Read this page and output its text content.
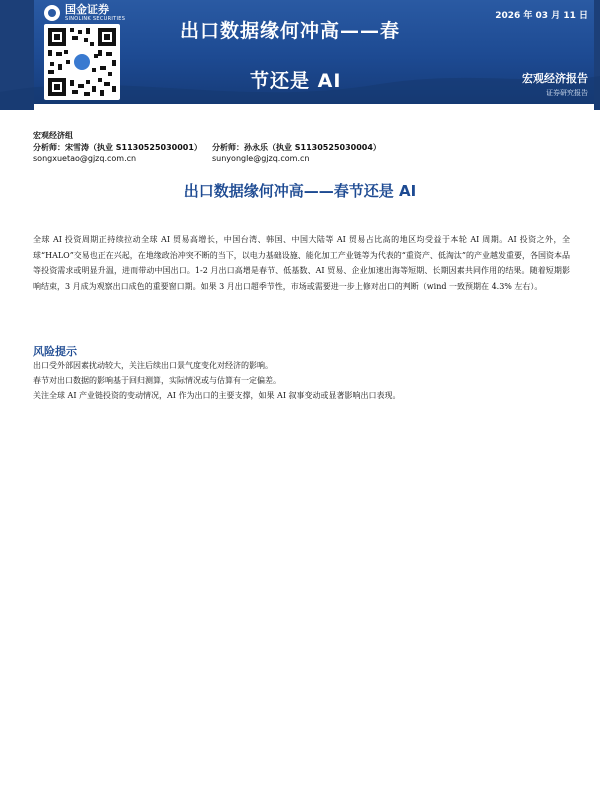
国金证券
SINOLINK SECURITIES	2026 年 03 月 11 日
出口数据缘何冲高——春
节还是 AI	宏观经济报告
证券研究报告
宏观经济组
分析师：宋雪涛（执业 S1130525030001） 分析师：孙永乐（执业 S1130525030004）
songxuetao@gjzq.com.cn	sunyongle@gjzq.com.cn
出口数据缘何冲高——春节还是 AI

全球 AI 投资周期正持续拉动全球 AI 贸易高增长，中国台湾、韩国、中国大陆等 AI 贸易占比高的地区均受益于本轮 AI 周期。AI 投资之外，全球“HALO”交易也正在兴起，在地缘政治冲突不断的当下，以电力基础设施、能化加工产业链等为代表的“重资产、低淘汰”的产业越发重要，各国资本品等投资需求或明显升温，进而带动中国出口。1-2 月出口高增是春节、低基数、AI 贸易、企业加速出海等短期、长期因素共同作用的结果。随着短期影响结束，3 月成为观察出口成色的重要窗口期。如果 3 月出口超季节性，市场或需要进一步上修对出口的判断（wind 一致预期在 4.3% 左右）。

风险提示
出口受外部因素扰动较大，关注后续出口景气度变化对经济的影响。
春节对出口数据的影响基于回归测算，实际情况或与估算有一定偏差。
关注全球 AI 产业链投资的变动情况，AI 作为出口的主要支撑，如果 AI 叙事变动或显著影响出口表现。
